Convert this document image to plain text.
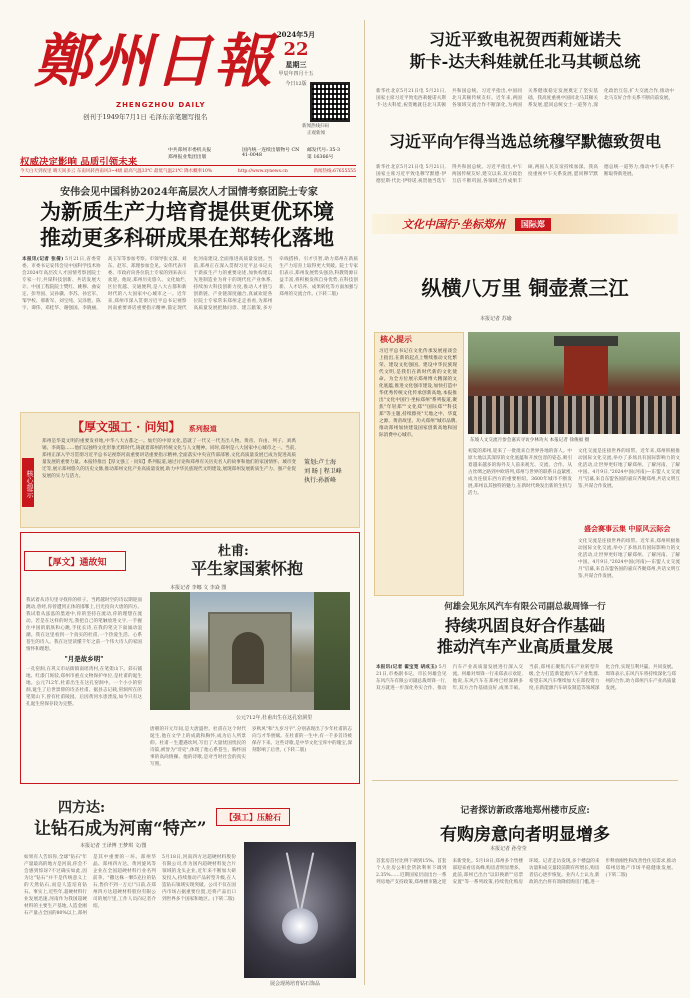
鄭州日報
ZHENGZHOU DAILY
创刊于1949年7月1日 毛泽东亲笔题写报名
2024年5月
22
星期三
甲辰年四月十五
今日12版
新闻热线扫码
正观新闻
权威决定影响 品质引领未来
中共郑州市委机关报
郑州报业集团出版
国内统一连续出版物号 CN 41-0048
邮发代号: 35-3
第 16366号
今天白天到夜里 晴天间多云 东南风转西南风3~4级 最高气温33℃ 最低气温21℃ 降水概率10%	http://www.zynews.cn	新闻热线:67655555
安伟会见中国科协2024年高层次人才国情考察团院士专家
为新质生产力培育提供更优环境
推动更多科研成果在郑转化落地
本报讯(记者 张倩) 5月21日,省委常委、市委书记安伟会见中国科学技术协会2024年高层次人才国情考察团院士专家一行,共谋科技创新、共话发展大计。中国工程院院士樊红、姚穆、曲安定、彭寿国、吴孙骥、李苏、孙宏军、邹学校、邢新军、刘宝纯、吴泽胜、陈宇、谭伟、邓桂华、谢强国、李晓丽、高玉军等参加考察。市领导张文深、刘东、赵军、郑理参加会见。安伟代表市委、市政府向各位院士专家的到来表示欢迎。他说,郑州历史悠久、文化灿烂,区位优越、交通便利,是八大古都和新时代的八大国家中心城市之一。近年来,郑州市深入贯彻习近平总书记视察河南重要讲话重要指示精神,锚定现代化河南建设,全面推进高质量发展。当前,郑州正在深入贯彻习近平总书记关于新质生产力的重要论述,加快构建以先进制造业为骨干的现代化产业体系,持续加大科技创新力度,推动人才链与创新链、产业链深度融合,真诚欢迎各位院士专家常来郑州走走看看,为郑州高质量发展把脉问诊、建言献策,多方牵线搭桥、引才引智,助力郑州在新质生产力培育上取得更大突破。院士专家们表示,郑州发展势头强劲,科教资源日益丰富,将积极发挥自身优势,在科技创新、人才培养、成果转化等方面加强与郑州的交流合作。(下转二版)
【厚文强工 · 问知】 系列报道
核心提示
郑州是华夏文明的重要发祥地,中华八大古都之一。灿烂的中原文化,造就了一代又一代杰出人物。黄帝、许由、列子、刘禹锡、李商隐……他们以独特文化形象光辉时代,铸就着郑州的传统文化与人文精神。同时,郑州是八大国家中心城市之一。当前,郑州正深入学习贯彻习近平总书记视察河南重要讲话重要指示精神,全面落实中央宣传部部署,文化高质量发展已成为促进高质量发展的重要力量。本报特推出【厚文强工 · 问知】系列报道,通过讨论和郑州有关历史名人的故事和他们的家国情怀、城市变迁等,展示郑州悠久的历史文脉,推动郑州文化产业高质量发展,助力中华民族现代文明建设,展现郑州发展新质生产力、强产业促发展的实力与活力。
策划:卢士海
刘 旸 | 程卫峰
执行:孙新峰
【厚文】通故知
杜甫:
平生家国萦怀抱
本报记者 李娜 文 李焱 图
我试着从诗句里寻找你的样子。当跨越时空的诗以期迎面跳动,曾经,你曾遭到正体的邯郸上,目光投向大唐的四方。我试着从泓泓的墨迹中,你的坚持在流动,你的理想在流动。若是在这样的时光,我把自己的笔触放进文字,一手握住中国的肌肤和心跳,手抚长诗,在我的笔尖下面涌动浪潮。我在这里看到一个真实的杜甫,一个热爱生活、心系苍生的诗人。我在这里读懂千年之前一个伟大诗人的家国情怀和理想。
"月是故乡明"
一孔窑洞,在巩义市站街镇南瑶湾村,在笔架山下。彩石铺地、红漆门斑驳,郑州市重点文物保护单位,是杜甫的诞生地。公元712年,杜甫出生在这孔窑洞中。一个小小的窑洞,诞生了后世景仰的诗圣杜甫。据县志记载,窑洞所在的笔架山下,曾有杜甫陵园。后因黄河水患湮没,如今只有这孔诞生窑保存较为完整。
公元712年,杜甫出生在这孔窑洞里
唐朝的开元年间,是大唐盛世。杜甫在这个时代诞生,他在文学上的成就和胸怀,成为后人所景仰。杜甫一生遭遇坎坷,写出了大量忧国忧民的诗篇,被誉为"诗史",体现了他心系苍生、胸怀国事的高尚情操。他的诗歌,是对当时社会的真实写照。
岁秋风"和"九岁习字",分别表现出了少年杜甫的志向与才华禀赋。在杜甫的一生中,有一千多首诗被保存下来。这些诗歌,是中华文化宝库中的瑰宝,深刻影响了后世。(下转二版)
四方达:
让钻石成为河南“特产”
【强工】压舱石
本报记者 王译博 王梦琪 文/图
如果有人告诉你,全球"钻石"年产量最高的地方是河南,你会不会感到惊讶?不过确实如此,因为这"钻石"并不是传统意义上的天然钻石,而是人造培育钻石。事实上,近些年,超硬材料行业发展迅速,河南作为我国超硬材料的主要生产基地,人造金刚石产量占全国的80%以上,郑州是其中重要的一环。郑州华晶、郑州四方达、黄河旋风等企业在全国超硬材料行业名列前茅。"撒这株一颗5克拉的钻石,售价不到一万元!"日前,在郑州四方达超硬材料股份有限公司的展厅里,工作人员向记者介绍。
5月18日,河南四方达超硬材料股份有限公司,作为国内超硬材料复合片领域的龙头企业,近年来不断加大研发投入,持续推动产品转型升级,在人造钻石领域实现突破。公司不仅在国内市场占据重要位置,还将产品出口到世界多个国家和地区。(下转二版)
展会现场培育钻石饰品
习近平致电祝贺西莉娅诺夫
斯卡-达夫科娃就任北马其顿总统
新华社北京5月21日电 5月21日,国家主席习近平致电西莉娅诺夫斯卡-达夫科娃,祝贺她就任北马其顿共和国总统。习近平指出,中国同北马其顿传统友好。近年来,两国各领域交流合作不断深化,为两国关系健康稳定发展奠定了坚实基础。我高度重视中国同北马其顿关系发展,愿同总统女士一道努力,深化政治互信,扩大交流合作,推动中北马友好合作关系不断向前发展。
习近平向乍得当选总统穆罕默德致贺电
新华社北京5月21日电 5月21日,国家主席习近平致电穆罕默德·伊德里斯·代比·伊特诺,祝贺他当选乍得共和国总统。习近平指出,中乍两国传统友好,建交以来,双方政治互信不断巩固,各领域合作成果丰硕,两国人民友谊持续加深。我高度重视中乍关系发展,愿同穆罕默德总统一道努力,推动中乍关系不断取得新进展。
文化中国行·坐标郑州	国际郑
纵横八万里 铜壶煮三江
本报记者 苏瑜
核心提示
习近平总书记在文化传承发展座谈会上指出,在新的起点上继续推动文化繁荣、建设文化强国、建设中华民族现代文明,是我们在新时代新的文化使命。为全方位展示郑州博大精深的文化底蕴,推进文化强市建设,加快打造中华优秀传统文化传承创新高地,本报推出"文化中国行·坐标郑州"系列报道,聚焦"年轻郑""文化郑""国际郑""科技郑"等主题,持续擦亮"天地之中、华夏之源、黄帝故里、功夫郑州"城市品牌,推动郑州加快建设国家创新高地和国际消费中心城市。
东坡人文交流月参会嘉宾寻访少林功夫 本报记者 徐俊福 摄
初夏的郑州,迎来了一批批来自世界各地的客人。中原大地以其深厚的文化底蕴和开放包容的姿态,吸引着越来越多的海外友人前来观光、交流、合作。从古丝绸之路到中欧班列,郑州与世界的联系日益紧密,成为连接东西方的重要枢纽。3600年城市不断发展,郑州以其独特的魅力,在新时代焕发出新的生机与活力。
文化交流是连接世界的纽带。近年来,郑州积极推动国际文化交流,举办了多场具有国际影响力的文化活动,让世界更好地了解郑州、了解河南、了解中国。4月9日,"2024中国(河南)—东盟人文交流月"启幕,来自东盟各国的嘉宾齐聚郑州,共话文明互鉴,共谋合作发展。
盛会赛事云集 中原风云际会
文化交流是连接世界的纽带。近年来,郑州积极推动国际文化交流,举办了多场具有国际影响力的文化活动,让世界更好地了解郑州、了解河南、了解中国。4月9日,"2024中国(河南)—东盟人文交流月"启幕,来自东盟各国的嘉宾齐聚郑州,共话文明互鉴,共谋合作发展。
何雄会见东风汽车有限公司副总裁周锋一行
持续巩固良好合作基础
推动汽车产业高质量发展
本报讯(记者 翟宝宽 胡成玉) 5月21日,市委副书记、市长何雄会见东风汽车有限公司副总裁周锋一行,双方就进一步深化务实合作、推动汽车产业高质量发展进行深入交流。何雄对周锋一行来郑表示欢迎,他说,东风汽车在郑州已经深耕多年,双方合作基础良好,成果丰硕。当前,郑州正聚焦汽车产业转型升级,全力打造新能源汽车产业集群,希望东风汽车继续加大在郑投资力度,在新能源汽车研发制造等领域深化合作,实现互利共赢、共同发展。周锋表示,东风汽车将持续深化与郑州的合作,助力郑州汽车产业高质量发展。
记者探访新政落地郑州楼市反应:
有购房意向者明显增多
本报记者 孙莹莹
首套房首付比例下调到15%、首套个人住房公积金贷款利率下调到2.35%……近期国家层面出台一系列房地产支持政策,郑州楼市随之迎来新变化。5月18日,郑州多个售楼部迎来看房高峰,购房者明显增多。此前,郑州已出台"以旧换新""房票安置"等一系列政策,持续优化购房环境。记者走访发现,多个楼盘的来访量和成交量较前期有所增长,购房者信心逐步恢复。业内人士认为,新政的出台将有效降低购房门槛,进一步释放刚性和改善性住房需求,推动郑州房地产市场平稳健康发展。(下转二版)
